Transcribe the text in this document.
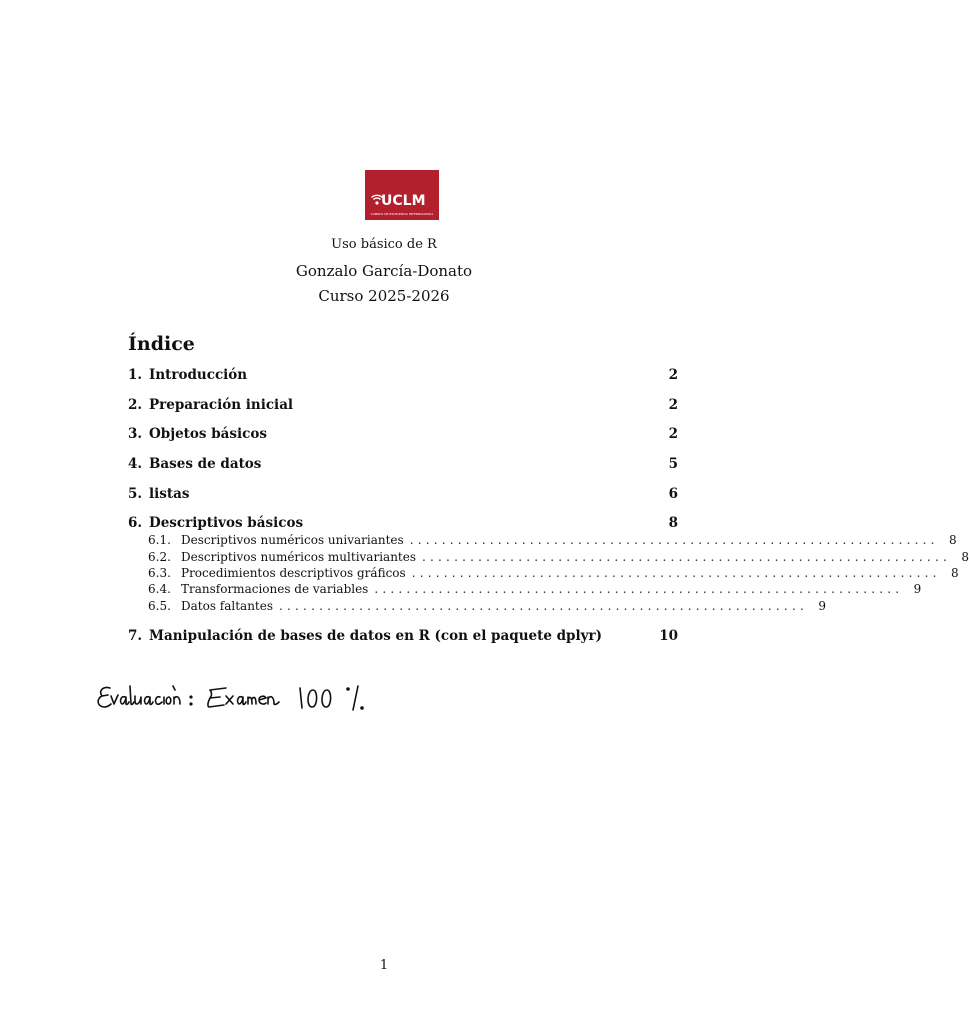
UCLM
CAMPUS DE EXCELENCIA INTERNACIONAL
Uso básico de R
Gonzalo García-Donato
Curso 2025-2026
Índice
1. Introducción	2
2. Preparación inicial	2
3. Objetos básicos	2
4. Bases de datos	5
5. listas	6
6. Descriptivos básicos	8
6.1. Descriptivos numéricos univariantes .................................................................. 8
6.2. Descriptivos numéricos multivariantes .................................................................. 8
6.3. Procedimientos descriptivos gráficos .................................................................. 8
6.4. Transformaciones de variables .................................................................. 9
6.5. Datos faltantes .................................................................. 9
7. Manipulación de bases de datos en R (con el paquete dplyr)	10
1
